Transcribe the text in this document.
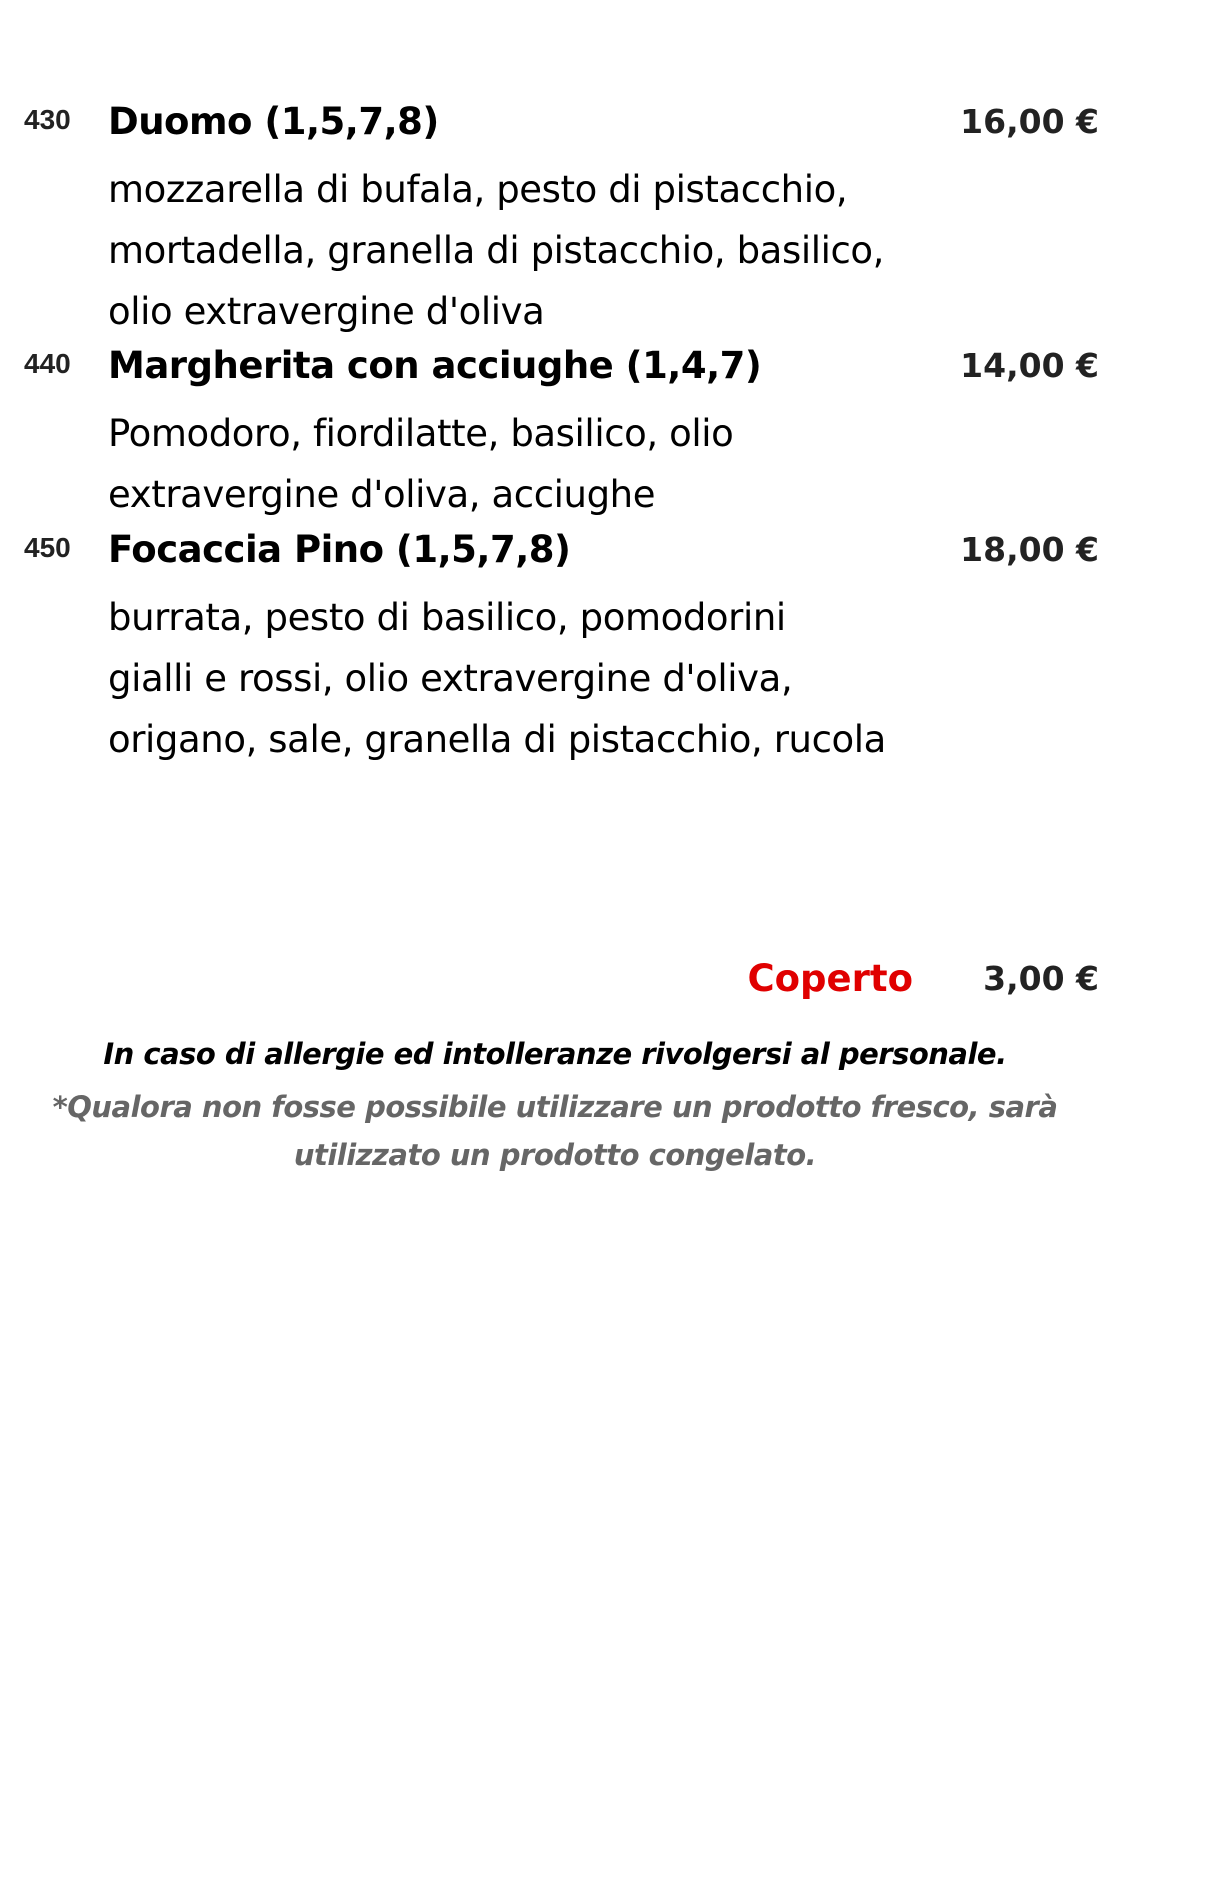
430 Duomo (1,5,7,8)	16,00 €
mozzarella di bufala, pesto di pistacchio,
mortadella, granella di pistacchio, basilico,
olio extravergine d'oliva
440 Margherita con acciughe (1,4,7)	14,00 €
Pomodoro, fiordilatte, basilico, olio
extravergine d'oliva, acciughe
450 Focaccia Pino (1,5,7,8)	18,00 €
burrata, pesto di basilico, pomodorini
gialli e rossi, olio extravergine d'oliva,
origano, sale, granella di pistacchio, rucola
Coperto 3,00 €
In caso di allergie ed intolleranze rivolgersi al personale.
*Qualora non fosse possibile utilizzare un prodotto fresco, sarà
utilizzato un prodotto congelato.
